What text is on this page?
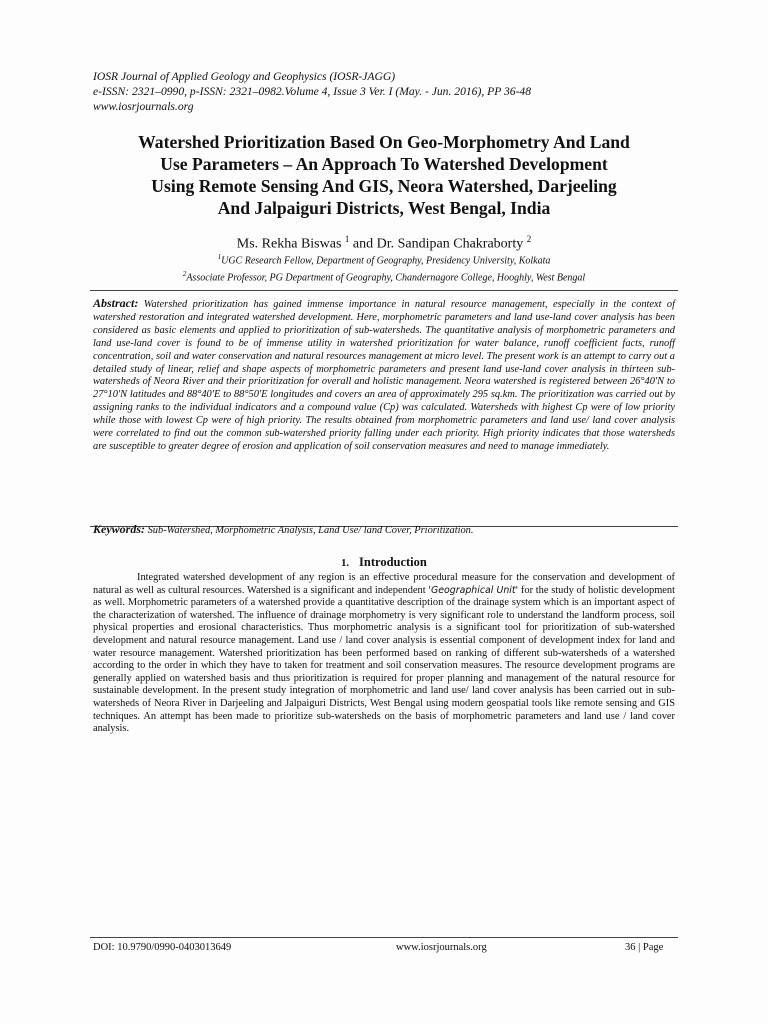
IOSR Journal of Applied Geology and Geophysics (IOSR-JAGG)
e-ISSN: 2321–0990, p-ISSN: 2321–0982.Volume 4, Issue 3 Ver. I (May. - Jun. 2016), PP 36-48
www.iosrjournals.org
Watershed Prioritization Based On Geo-Morphometry And Land
Use Parameters – An Approach To Watershed Development
Using Remote Sensing And GIS, Neora Watershed, Darjeeling
And Jalpaiguri Districts, West Bengal, India
Ms. Rekha Biswas $^1$ and Dr. Sandipan Chakraborty $^2$
$^1$UGC Research Fellow, Department of Geography, Presidency University, Kolkata
$^2$Associate Professor, PG Department of Geography, Chandernagore College, Hooghly, West Bengal
Abstract: Watershed prioritization has gained immense importance in natural resource management, especially in the context of watershed restoration and integrated watershed development. Here, morphometric parameters and land use-land cover analysis has been considered as basic elements and applied to prioritization of sub-watersheds. The quantitative analysis of morphometric parameters and land use-land cover is found to be of immense utility in watershed prioritization for water balance, runoff coefficient facts, runoff concentration, soil and water conservation and natural resources management at micro level. The present work is an attempt to carry out a detailed study of linear, relief and shape aspects of morphometric parameters and present land use-land cover analysis in thirteen sub-watersheds of Neora River and their prioritization for overall and holistic management. Neora watershed is registered between 26°40'N to 27°10'N latitudes and 88°40'E to 88°50'E longitudes and covers an area of approximately 295 sq.km. The prioritization was carried out by assigning ranks to the individual indicators and a compound value (Cp) was calculated. Watersheds with highest Cp were of low priority while those with lowest Cp were of high priority. The results obtained from morphometric parameters and land use/ land cover analysis were correlated to find out the common sub-watershed priority falling under each priority. High priority indicates that those watersheds are susceptible to greater degree of erosion and application of soil conservation measures and need to manage immediately.
Keywords: Sub-Watershed, Morphometric Analysis, Land Use/ land Cover, Prioritization.
1. Introduction

Integrated watershed development of any region is an effective procedural measure for the conservation and development of natural as well as cultural resources. Watershed is a significant and independent 'Geographical Unit' for the study of holistic development as well. Morphometric parameters of a watershed provide a quantitative description of the drainage system which is an important aspect of the characterization of watershed. The influence of drainage morphometry is very significant role to understand the landform process, soil physical properties and erosional characteristics. Thus morphometric analysis is a significant tool for prioritization of sub-watershed development and natural resource management. Land use / land cover analysis is essential component of development index for land and water resource management. Watershed prioritization has been performed based on ranking of different sub-watersheds of a watershed according to the order in which they have to taken for treatment and soil conservation measures. The resource development programs are generally applied on watershed basis and thus prioritization is required for proper planning and management of the natural resource for sustainable development. In the present study integration of morphometric and land use/ land cover analysis has been carried out in sub-watersheds of Neora River in Darjeeling and Jalpaiguri Districts, West Bengal using modern geospatial tools like remote sensing and GIS techniques. An attempt has been made to prioritize sub-watersheds on the basis of morphometric parameters and land use / land cover analysis.

DOI: 10.9790/0990-0403013649	www.iosrjournals.org	36 | Page
